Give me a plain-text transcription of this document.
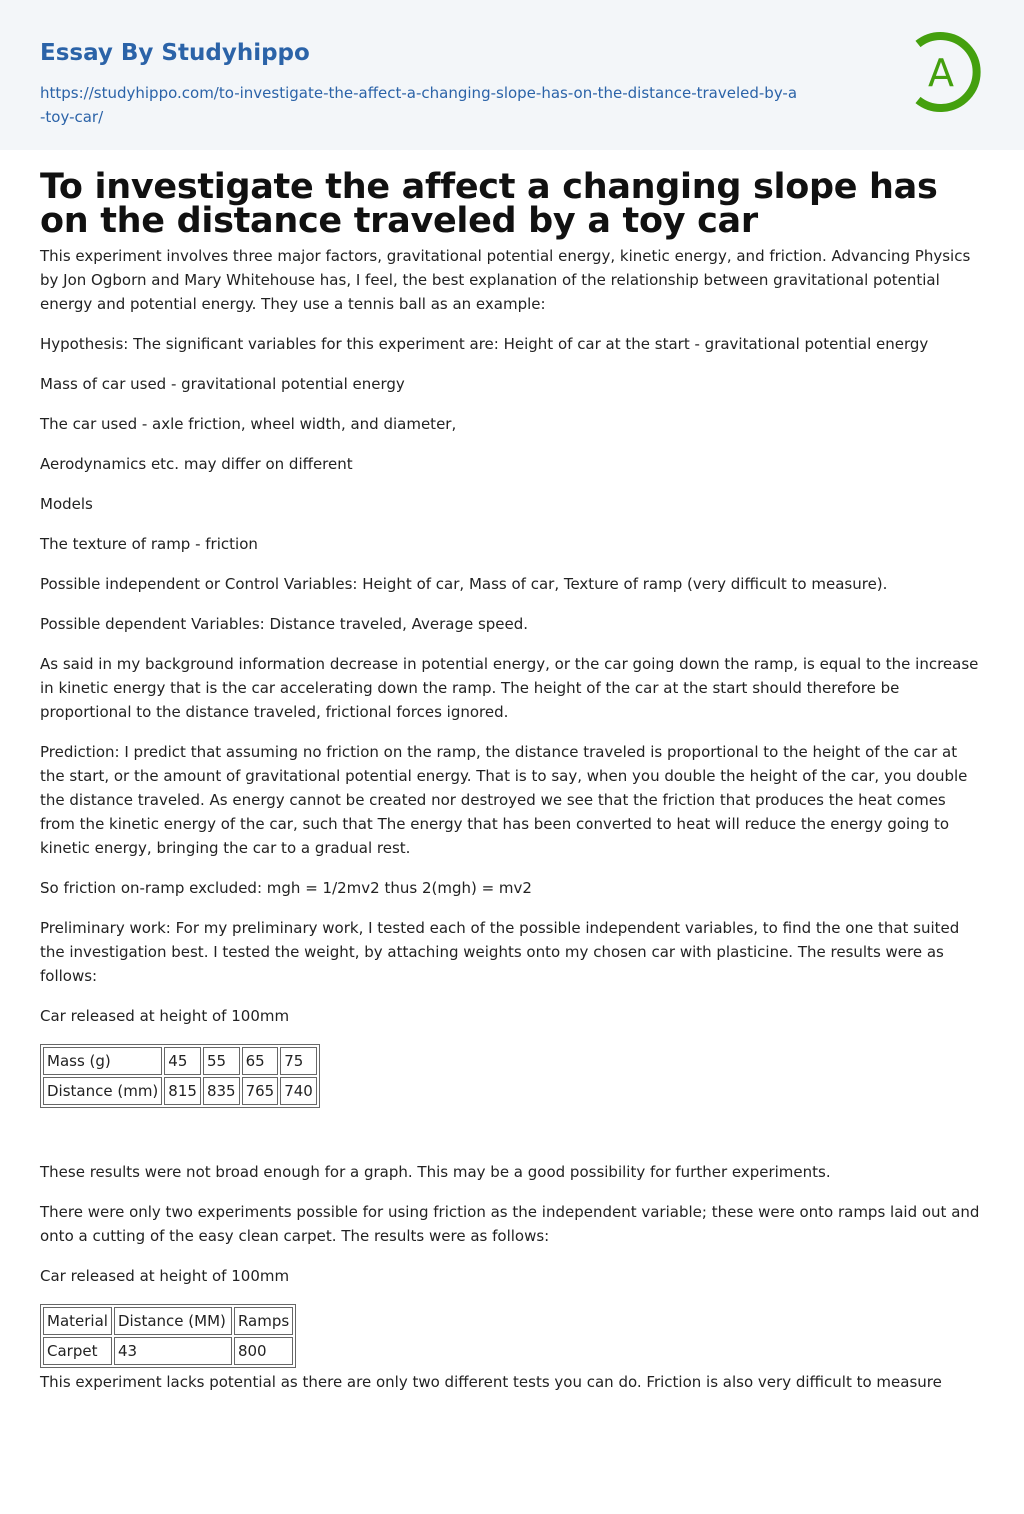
Essay By Studyhippo
https://studyhippo.com/to-investigate-the-affect-a-changing-slope-has-on-the-distance-traveled-by-a-toy-car/
A
To investigate the affect a changing slope has on the distance traveled by a toy car

This experiment involves three major factors, gravitational potential energy, kinetic energy, and friction. Advancing Physics by Jon Ogborn and Mary Whitehouse has, I feel, the best explanation of the relationship between gravitational potential energy and potential energy. They use a tennis ball as an example:

Hypothesis: The significant variables for this experiment are: Height of car at the start - gravitational potential energy

Mass of car used - gravitational potential energy

The car used - axle friction, wheel width, and diameter,

Aerodynamics etc. may differ on different

Models

The texture of ramp - friction

Possible independent or Control Variables: Height of car, Mass of car, Texture of ramp (very difficult to measure).

Possible dependent Variables: Distance traveled, Average speed.

As said in my background information decrease in potential energy, or the car going down the ramp, is equal to the increase in kinetic energy that is the car accelerating down the ramp. The height of the car at the start should therefore be proportional to the distance traveled, frictional forces ignored.

Prediction: I predict that assuming no friction on the ramp, the distance traveled is proportional to the height of the car at the start, or the amount of gravitational potential energy. That is to say, when you double the height of the car, you double the distance traveled. As energy cannot be created nor destroyed we see that the friction that produces the heat comes from the kinetic energy of the car, such that The energy that has been converted to heat will reduce the energy going to kinetic energy, bringing the car to a gradual rest.

So friction on-ramp excluded: mgh = 1/2mv2 thus 2(mgh) = mv2

Preliminary work: For my preliminary work, I tested each of the possible independent variables, to find the one that suited the investigation best. I tested the weight, by attaching weights onto my chosen car with plasticine. The results were as follows:

Car released at height of 100mm

Mass (g)	45	55	65	75
Distance (mm)	815	835	765	740

These results were not broad enough for a graph. This may be a good possibility for further experiments.

There were only two experiments possible for using friction as the independent variable; these were onto ramps laid out and onto a cutting of the easy clean carpet. The results were as follows:

Car released at height of 100mm

Material	Distance (MM)	Ramps
Carpet	43	800

This experiment lacks potential as there are only two different tests you can do. Friction is also very difficult to measure
